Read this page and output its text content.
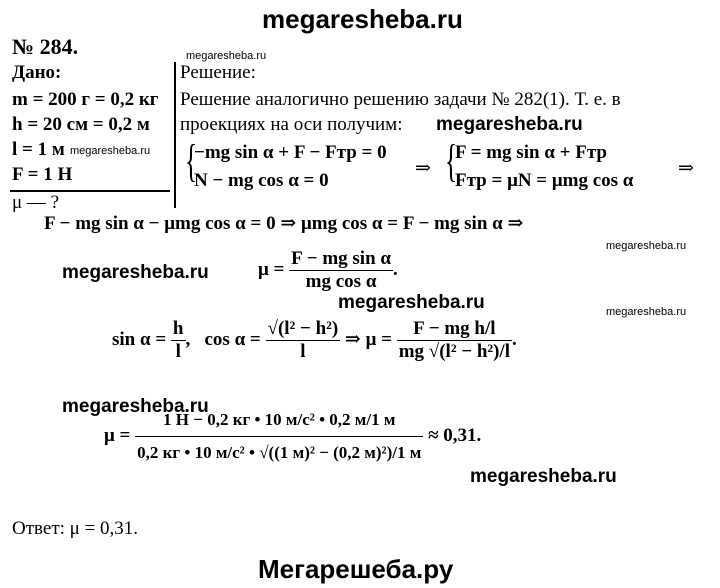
megaresheba.ru
№ 284.	megaresheba.ru
Дано:
m = 200 г = 0,2 кг
h = 20 см = 0,2 м
l = 1 м megaresheba.ru
F = 1 Н
μ — ?
Решение:
Решение аналогично решению задачи № 282(1). Т. е. в
проекциях на оси получим: megaresheba.ru
{
−mg sin α + F − Fтр = 0
N − mg cos α = 0
⇒ {
F = mg sin α + Fтр
Fтр = μN = μmg cos α
⇒
F − mg sin α − μmg cos α = 0 ⇒ μmg cos α = F − mg sin α ⇒
megaresheba.ru
megaresheba.ru	$\mu = \frac{\text{F − mg sin α}}{\text{mg cos α}}$ .
megaresheba.ru	megaresheba.ru
$\sin \alpha = \frac{h}{l}$ , $\cos \alpha = \frac{\text{√(l² − h²)}}{l}$ ⇒ $\mu = \frac{\text{F − mg h/l}}{\text{mg √(l² − h²)/l}}$ .
megaresheba.ru
$\mu = \frac{\text{1 Н − 0,2 кг • 10 м/с² • 0,2 м/1 м}}{\text{0,2 кг • 10 м/с² • √((1 м)² − (0,2 м)²)/1 м}} \approx 0,31$.
megaresheba.ru
Ответ: μ = 0,31.
Мегарешеба.ру
